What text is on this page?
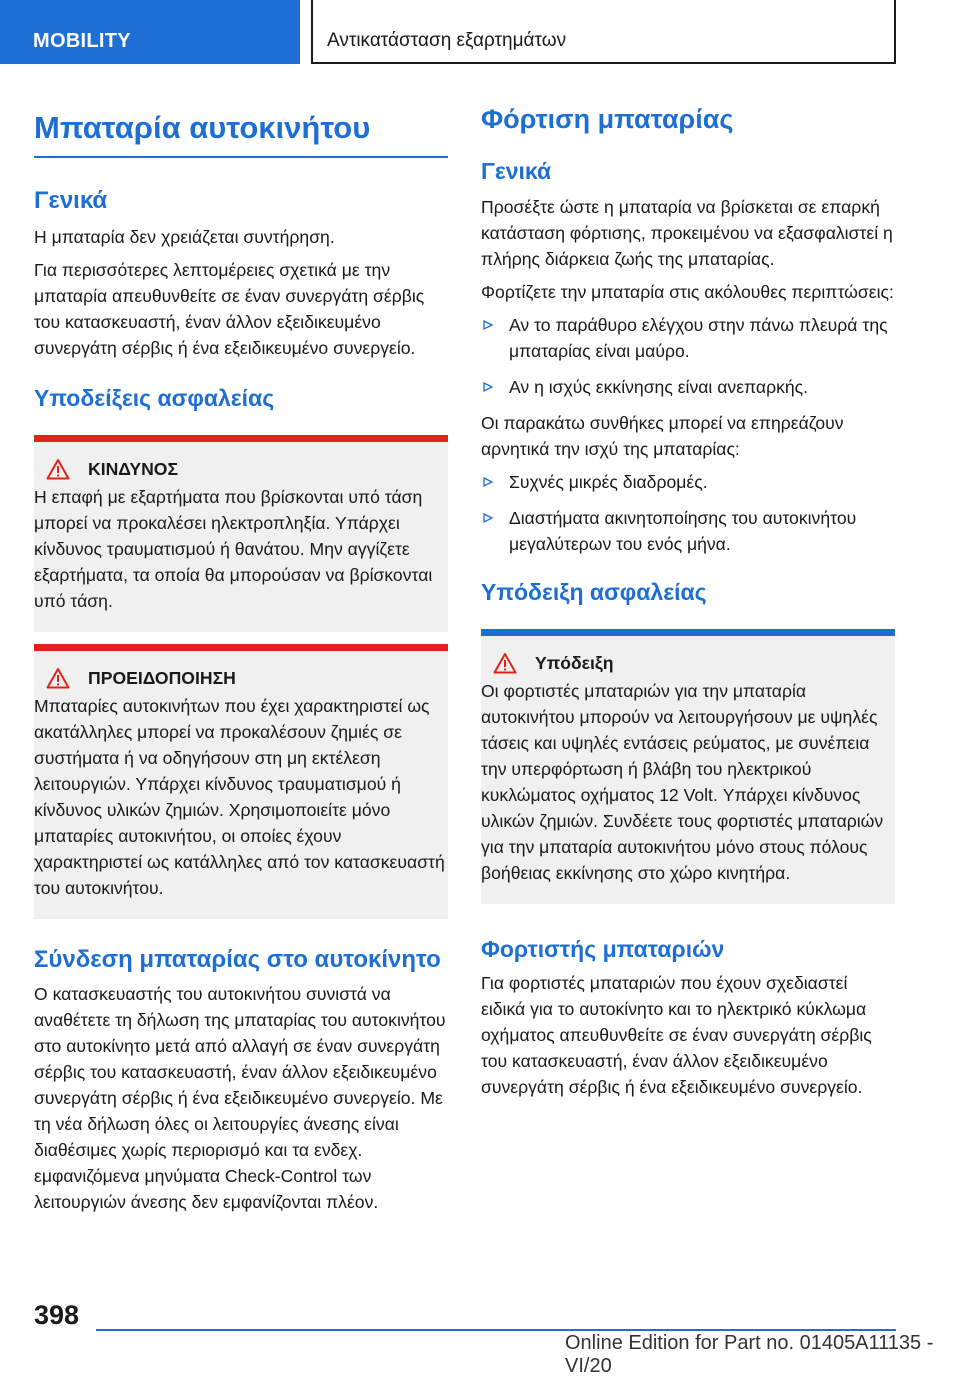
MOBILITY	Αντικατάσταση εξαρτημάτων
Μπαταρία αυτοκινήτου
Γενικά

Η μπαταρία δεν χρειάζεται συντήρηση.

Για περισσότερες λεπτομέρειες σχετικά με την μπαταρία απευθυνθείτε σε έναν συνεργάτη σέρβις του κατασκευαστή, έναν άλλον εξειδικευμένο συνεργάτη σέρβις ή ένα εξειδικευμένο συνεργείο.

Υποδείξεις ασφαλείας
ΚΙΝΔΥΝΟΣ

Η επαφή με εξαρτήματα που βρίσκονται υπό τάση μπορεί να προκαλέσει ηλεκτροπληξία. Υπάρχει κίνδυνος τραυματισμού ή θανάτου. Μην αγγίζετε εξαρτήματα, τα οποία θα μπορούσαν να βρίσκονται υπό τάση.

ΠΡΟΕΙΔΟΠΟΙΗΣΗ

Μπαταρίες αυτοκινήτων που έχει χαρακτηριστεί ως ακατάλληλες μπορεί να προκαλέσουν ζημιές σε συστήματα ή να οδηγήσουν στη μη εκτέλεση λειτουργιών. Υπάρχει κίνδυνος τραυματισμού ή κίνδυνος υλικών ζημιών. Χρησιμοποιείτε μόνο μπαταρίες αυτοκινήτου, οι οποίες έχουν χαρακτηριστεί ως κατάλληλες από τον κατασκευαστή του αυτοκινήτου.

Σύνδεση μπαταρίας στο αυτοκίνητο

Ο κατασκευαστής του αυτοκινήτου συνιστά να αναθέτετε τη δήλωση της μπαταρίας του αυτοκινήτου στο αυτοκίνητο μετά από αλλαγή σε έναν συνεργάτη σέρβις του κατασκευαστή, έναν άλλον εξειδικευμένο συνεργάτη σέρβις ή ένα εξειδικευμένο συνεργείο. Με τη νέα δήλωση όλες οι λειτουργίες άνεσης είναι διαθέσιμες χωρίς περιορισμό και τα ενδεχ. εμφανιζόμενα μηνύματα Check-Control των λειτουργιών άνεσης δεν εμφανίζονται πλέον.

Φόρτιση μπαταρίας
Γενικά

Προσέξτε ώστε η μπαταρία να βρίσκεται σε επαρκή κατάσταση φόρτισης, προκειμένου να εξασφαλιστεί η πλήρης διάρκεια ζωής της μπαταρίας.

Φορτίζετε την μπαταρία στις ακόλουθες περιπτώσεις:

Αν το παράθυρο ελέγχου στην πάνω πλευρά της μπαταρίας είναι μαύρο.
Αν η ισχύς εκκίνησης είναι ανεπαρκής.

Οι παρακάτω συνθήκες μπορεί να επηρεάζουν αρνητικά την ισχύ της μπαταρίας:

Συχνές μικρές διαδρομές.
Διαστήματα ακινητοποίησης του αυτοκινήτου μεγαλύτερων του ενός μήνα.
Υπόδειξη ασφαλείας
Υπόδειξη

Οι φορτιστές μπαταριών για την μπαταρία αυτοκινήτου μπορούν να λειτουργήσουν με υψηλές τάσεις και υψηλές εντάσεις ρεύματος, με συνέπεια την υπερφόρτωση ή βλάβη του ηλεκτρικού κυκλώματος οχήματος 12 Volt. Υπάρχει κίνδυνος υλικών ζημιών. Συνδέετε τους φορτιστές μπαταριών για την μπαταρία αυτοκινήτου μόνο στους πόλους βοήθειας εκκίνησης στο χώρο κινητήρα.

Φορτιστής μπαταριών

Για φορτιστές μπαταριών που έχουν σχεδιαστεί ειδικά για το αυτοκίνητο και το ηλεκτρικό κύκλωμα οχήματος απευθυνθείτε σε έναν συνεργάτη σέρβις του κατασκευαστή, έναν άλλον εξειδικευμένο συνεργάτη σέρβις ή ένα εξειδικευμένο συνεργείο.

398
Online Edition for Part no. 01405A11135 - VI/20
